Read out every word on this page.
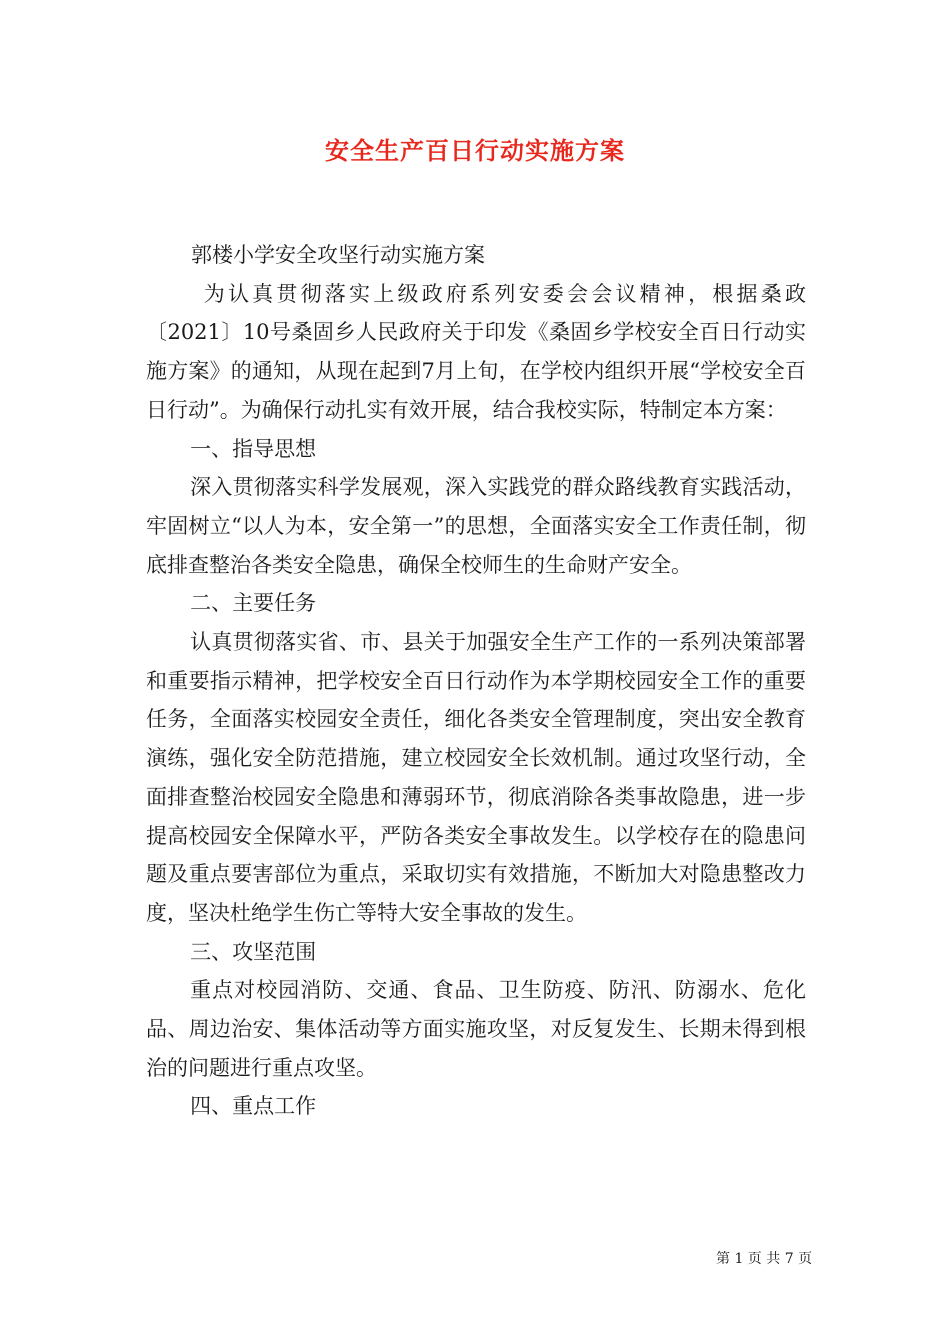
安全生产百日行动实施方案

郭楼小学安全攻坚行动实施方案

为认真贯彻落实上级政府系列安委会会议精神，根据桑政〔2021〕10号桑固乡人民政府关于印发《桑固乡学校安全百日行动实施方案》的通知，从现在起到7月上旬，在学校内组织开展“学校安全百日行动”。为确保行动扎实有效开展，结合我校实际，特制定本方案：

一、指导思想

深入贯彻落实科学发展观，深入实践党的群众路线教育实践活动，牢固树立“以人为本，安全第一”的思想，全面落实安全工作责任制，彻底排查整治各类安全隐患，确保全校师生的生命财产安全。

二、主要任务

认真贯彻落实省、市、县关于加强安全生产工作的一系列决策部署和重要指示精神，把学校安全百日行动作为本学期校园安全工作的重要任务，全面落实校园安全责任，细化各类安全管理制度，突出安全教育演练，强化安全防范措施，建立校园安全长效机制。通过攻坚行动，全面排查整治校园安全隐患和薄弱环节，彻底消除各类事故隐患，进一步提高校园安全保障水平，严防各类安全事故发生。以学校存在的隐患问题及重点要害部位为重点，采取切实有效措施，不断加大对隐患整改力度，坚决杜绝学生伤亡等特大安全事故的发生。

三、攻坚范围

重点对校园消防、交通、食品、卫生防疫、防汛、防溺水、危化品、周边治安、集体活动等方面实施攻坚，对反复发生、长期未得到根治的问题进行重点攻坚。

四、重点工作

第 1 页 共 7 页
